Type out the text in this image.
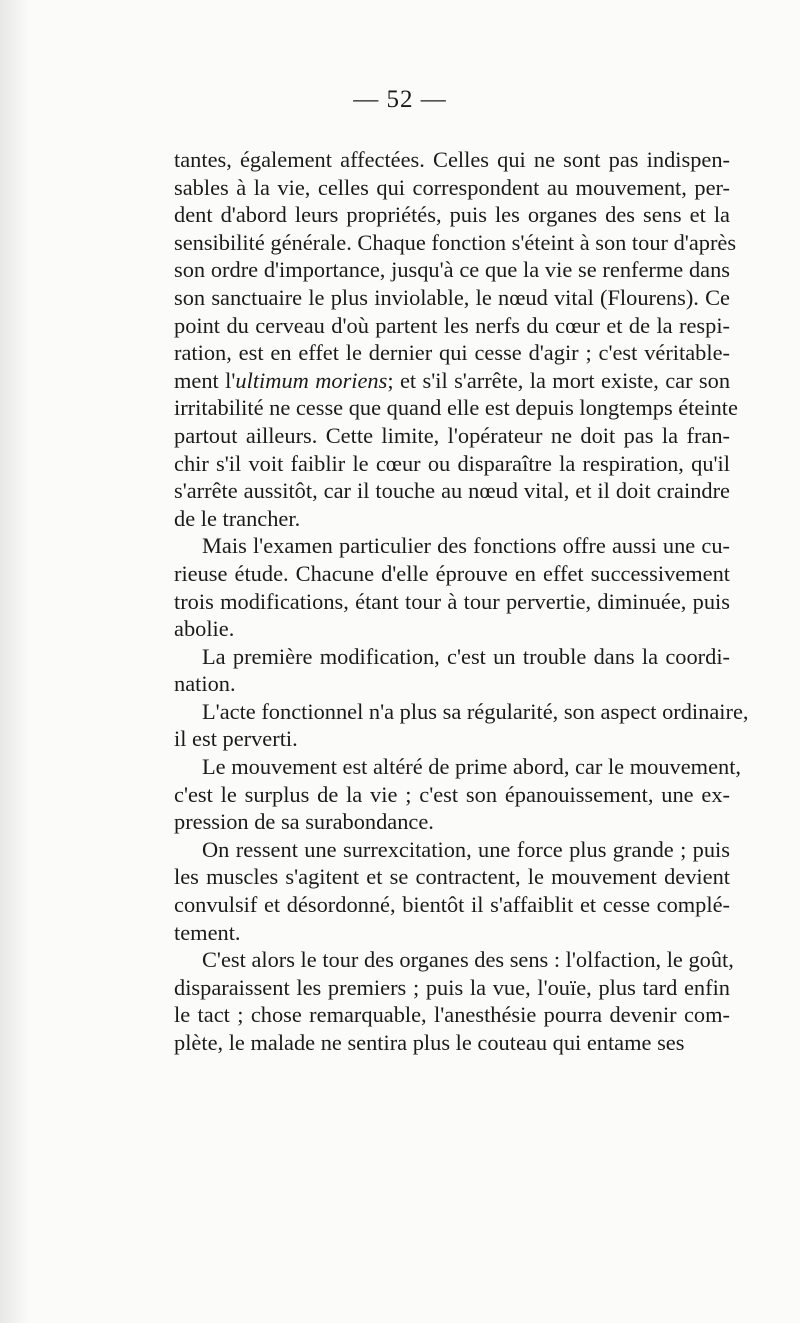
— 52 —

tantes, également affectées. Celles qui ne sont pas indispen-
sables à la vie, celles qui correspondent au mouvement, per-
dent d'abord leurs propriétés, puis les organes des sens et la
sensibilité générale. Chaque fonction s'éteint à son tour d'après
son ordre d'importance, jusqu'à ce que la vie se renferme dans
son sanctuaire le plus inviolable, le nœud vital (Flourens). Ce
point du cerveau d'où partent les nerfs du cœur et de la respi-
ration, est en effet le dernier qui cesse d'agir ; c'est véritable-
ment l'ultimum moriens; et s'il s'arrête, la mort existe, car son
irritabilité ne cesse que quand elle est depuis longtemps éteinte
partout ailleurs. Cette limite, l'opérateur ne doit pas la fran-
chir s'il voit faiblir le cœur ou disparaître la respiration, qu'il
s'arrête aussitôt, car il touche au nœud vital, et il doit craindre
de le trancher.

Mais l'examen particulier des fonctions offre aussi une cu-
rieuse étude. Chacune d'elle éprouve en effet successivement
trois modifications, étant tour à tour pervertie, diminuée, puis
abolie.

La première modification, c'est un trouble dans la coordi-
nation.

L'acte fonctionnel n'a plus sa régularité, son aspect ordinaire,
il est perverti.

Le mouvement est altéré de prime abord, car le mouvement,
c'est le surplus de la vie ; c'est son épanouissement, une ex-
pression de sa surabondance.

On ressent une surrexcitation, une force plus grande ; puis
les muscles s'agitent et se contractent, le mouvement devient
convulsif et désordonné, bientôt il s'affaiblit et cesse complé-
tement.

C'est alors le tour des organes des sens : l'olfaction, le goût,
disparaissent les premiers ; puis la vue, l'ouïe, plus tard enfin
le tact ; chose remarquable, l'anesthésie pourra devenir com-
plète, le malade ne sentira plus le couteau qui entame ses
